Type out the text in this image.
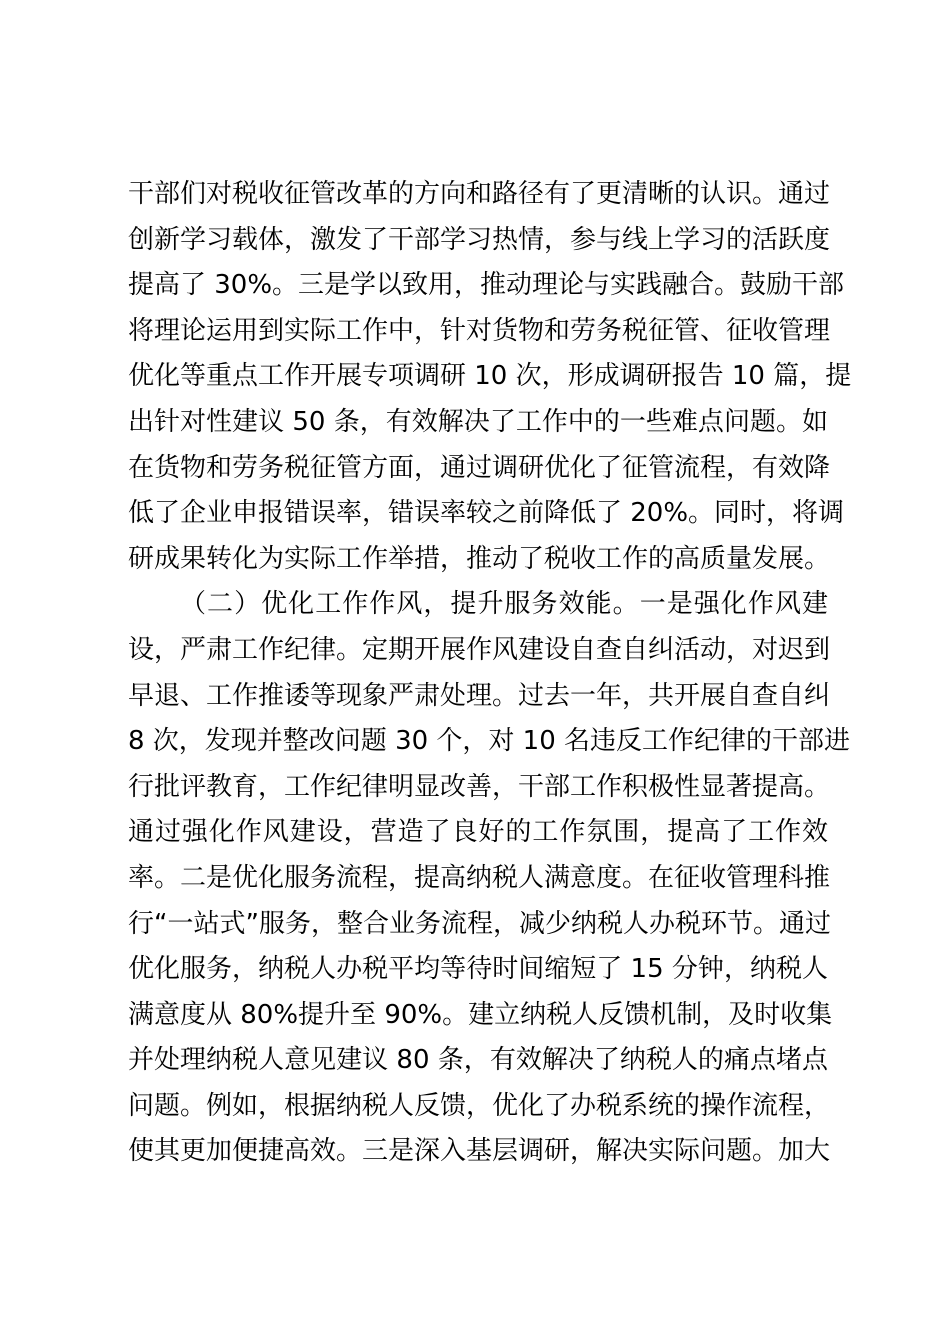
干部们对税收征管改革的方向和路径有了更清晰的认识。通过
创新学习载体，激发了干部学习热情，参与线上学习的活跃度
提高了 30%。三是学以致用，推动理论与实践融合。鼓励干部
将理论运用到实际工作中，针对货物和劳务税征管、征收管理
优化等重点工作开展专项调研 10 次，形成调研报告 10 篇，提
出针对性建议 50 条，有效解决了工作中的一些难点问题。如
在货物和劳务税征管方面，通过调研优化了征管流程，有效降
低了企业申报错误率，错误率较之前降低了 20%。同时，将调
研成果转化为实际工作举措，推动了税收工作的高质量发展。
（二）优化工作作风，提升服务效能。一是强化作风建
设，严肃工作纪律。定期开展作风建设自查自纠活动，对迟到
早退、工作推诿等现象严肃处理。过去一年，共开展自查自纠
8 次，发现并整改问题 30 个，对 10 名违反工作纪律的干部进
行批评教育，工作纪律明显改善，干部工作积极性显著提高。
通过强化作风建设，营造了良好的工作氛围，提高了工作效
率。二是优化服务流程，提高纳税人满意度。在征收管理科推
行“一站式”服务，整合业务流程，减少纳税人办税环节。通过
优化服务，纳税人办税平均等待时间缩短了 15 分钟，纳税人
满意度从 80%提升至 90%。建立纳税人反馈机制，及时收集
并处理纳税人意见建议 80 条，有效解决了纳税人的痛点堵点
问题。例如，根据纳税人反馈，优化了办税系统的操作流程，
使其更加便捷高效。三是深入基层调研，解决实际问题。加大
